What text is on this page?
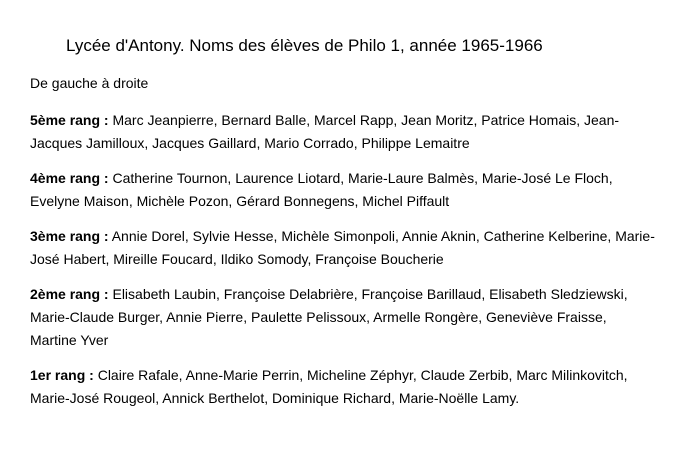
Lycée d'Antony. Noms des élèves de Philo 1, année 1965-1966
De gauche à droite

5ème rang : Marc Jeanpierre, Bernard Balle, Marcel Rapp, Jean Moritz, Patrice Homais, Jean-Jacques Jamilloux, Jacques Gaillard, Mario Corrado, Philippe Lemaitre

4ème rang : Catherine Tournon, Laurence Liotard, Marie-Laure Balmès, Marie-José Le Floch, Evelyne Maison, Michèle Pozon, Gérard Bonnegens, Michel Piffault

3ème rang : Annie Dorel, Sylvie Hesse, Michèle Simonpoli, Annie Aknin, Catherine Kelberine, Marie-José Habert, Mireille Foucard, Ildiko Somody, Françoise Boucherie

2ème rang : Elisabeth Laubin, Françoise Delabrière, Françoise Barillaud, Elisabeth Sledziewski, Marie-Claude Burger, Annie Pierre, Paulette Pelissoux, Armelle Rongère, Geneviève Fraisse, Martine Yver

1er rang : Claire Rafale, Anne-Marie Perrin, Micheline Zéphyr, Claude Zerbib, Marc Milinkovitch, Marie-José Rougeol, Annick Berthelot, Dominique Richard, Marie-Noëlle Lamy.
